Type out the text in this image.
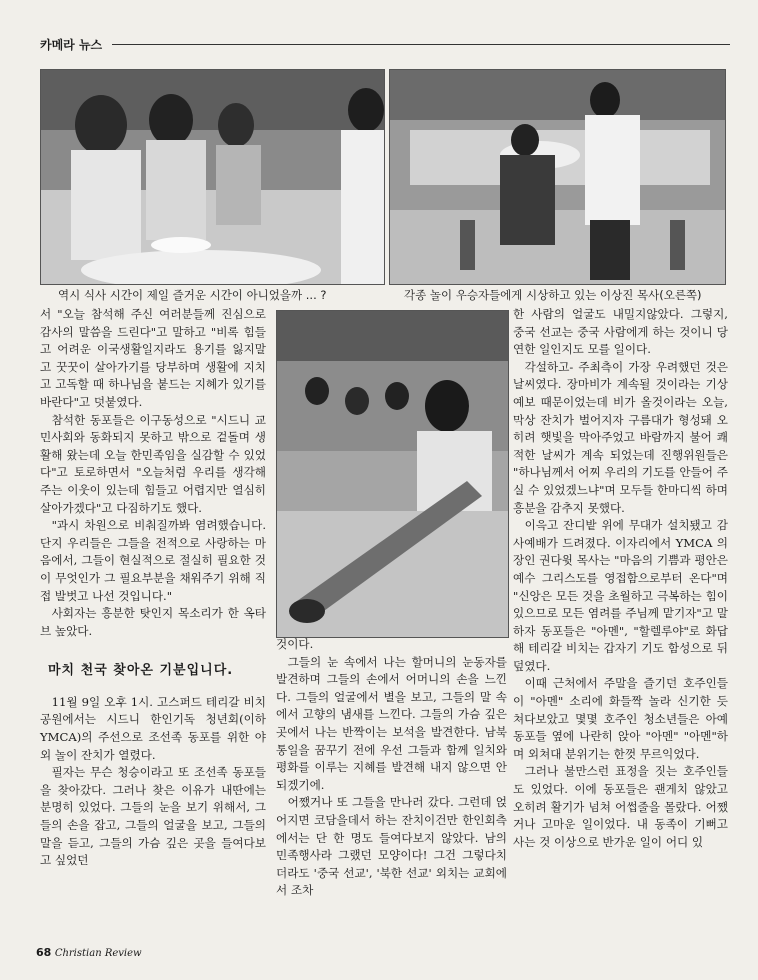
카메라 뉴스
역시 식사 시간이 제일 즐거운 시간이 아니었을까 ... ?	각종 놀이 우승자들에게 시상하고 있는 이상진 목사(오른쪽)

서 "오늘 참석해 주신 여러분들께 진심으로 감사의 말씀을 드린다"고 말하고 "비록 힘들고 어려운 이국생활일지라도 용기를 잃지말고 꿋꿋이 살아가기를 당부하며 생활에 지치고 고독할 때 하나님을 붙드는 지혜가 있기를 바란다"고 덧붙였다.

참석한 동포들은 이구동성으로 "시드니 교민사회와 동화되지 못하고 밖으로 겉돌며 생활해 왔는데 오늘 한민족임을 실감할 수 있었다"고 토로하면서 "오늘처럼 우리를 생각해 주는 이웃이 있는데 힘들고 어렵지만 열심히 살아가겠다"고 다짐하기도 했다.

"과시 차원으로 비춰질까봐 염려했습니다. 단지 우리들은 그들을 전적으로 사랑하는 마음에서, 그들이 현실적으로 절실히 필요한 것이 무엇인가 그 필요부분을 채워주기 위해 직접 발벗고 나선 것입니다."

사회자는 흥분한 탓인지 목소리가 한 옥타브 높았다.

마치 천국 찾아온 기분입니다.

11월 9일 오후 1시. 고스퍼드 테리갈 비치 공원에서는 시드니 한인기독 청년회(이하 YMCA)의 주선으로 조선족 동포를 위한 야외 놀이 잔치가 열렸다.

필자는 무슨 청승이라고 또 조선족 동포들을 찾아갔다. 그러나 찾은 이유가 내딴에는 분명히 있었다. 그들의 눈을 보기 위해서, 그들의 손을 잡고, 그들의 얼굴을 보고, 그들의 말을 듣고, 그들의 가슴 깊은 곳을 들여다보고 싶었던

것이다.

그들의 눈 속에서 나는 할머니의 눈동자를 발견하며 그들의 손에서 어머니의 손을 느낀다. 그들의 얼굴에서 별을 보고, 그들의 말 속에서 고향의 냄새를 느낀다. 그들의 가슴 깊은 곳에서 나는 반짝이는 보석을 발견한다. 남북통일을 꿈꾸기 전에 우선 그들과 함께 일치와 평화를 이루는 지혜를 발견해 내지 않으면 안되겠기에.

어쨌거나 또 그들을 만나러 갔다. 그런데 얹어지면 코담을데서 하는 잔치이건만 한인회측에서는 단 한 명도 들여다보지 않았다. 남의 민족행사라 그랬던 모양이다! 그건 그렇다치더라도 '중국 선교', '북한 선교' 외치는 교회에서 조차

한 사람의 얼굴도 내밀지않았다. 그렇지, 중국 선교는 중국 사람에게 하는 것이니 당연한 일인지도 모를 일이다.

각설하고- 주최측이 가장 우려했던 것은 날씨였다. 장마비가 계속될 것이라는 기상예보 때문이었는데 비가 올것이라는 오늘, 막상 잔치가 벌어지자 구름대가 형성돼 오히려 햇빛을 막아주었고 바람까지 불어 쾌적한 날씨가 계속 되었는데 진행위원들은 "하나님께서 어찌 우리의 기도를 안들어 주실 수 있었겠느냐"며 모두들 한마디씩 하며 흥분을 감추지 못했다.

이윽고 잔디밭 위에 무대가 설치됐고 감사예배가 드려졌다. 이자리에서 YMCA 의장인 권다윗 목사는 "마음의 기쁨과 평안은 예수 그리스도를 영접함으로부터 온다"며 "신앙은 모든 것을 초월하고 극복하는 힘이 있으므로 모든 염려를 주님께 맡기자"고 말하자 동포들은 "아멘", "할렐루야"로 화답해 테리갈 비치는 갑자기 기도 함성으로 뒤덮였다.

이때 근처에서 주말을 즐기던 호주인들이 "아멘" 소리에 화들짝 놀라 신기한 듯 쳐다보았고 몇몇 호주인 청소년들은 아예 동포들 옆에 나란히 앉아 "아멘" "아멘"하며 외쳐대 분위기는 한껏 무르익었다.

그러나 불만스런 표정을 짓는 호주인들도 있었다. 이에 동포들은 괜게치 않았고 오히려 활기가 넘쳐 어썹줄을 몰랐다. 어쨌거나 고마운 일이었다. 내 동족이 기뻐고 사는 것 이상으로 반가운 일이 어디 있

68 Christian Review
